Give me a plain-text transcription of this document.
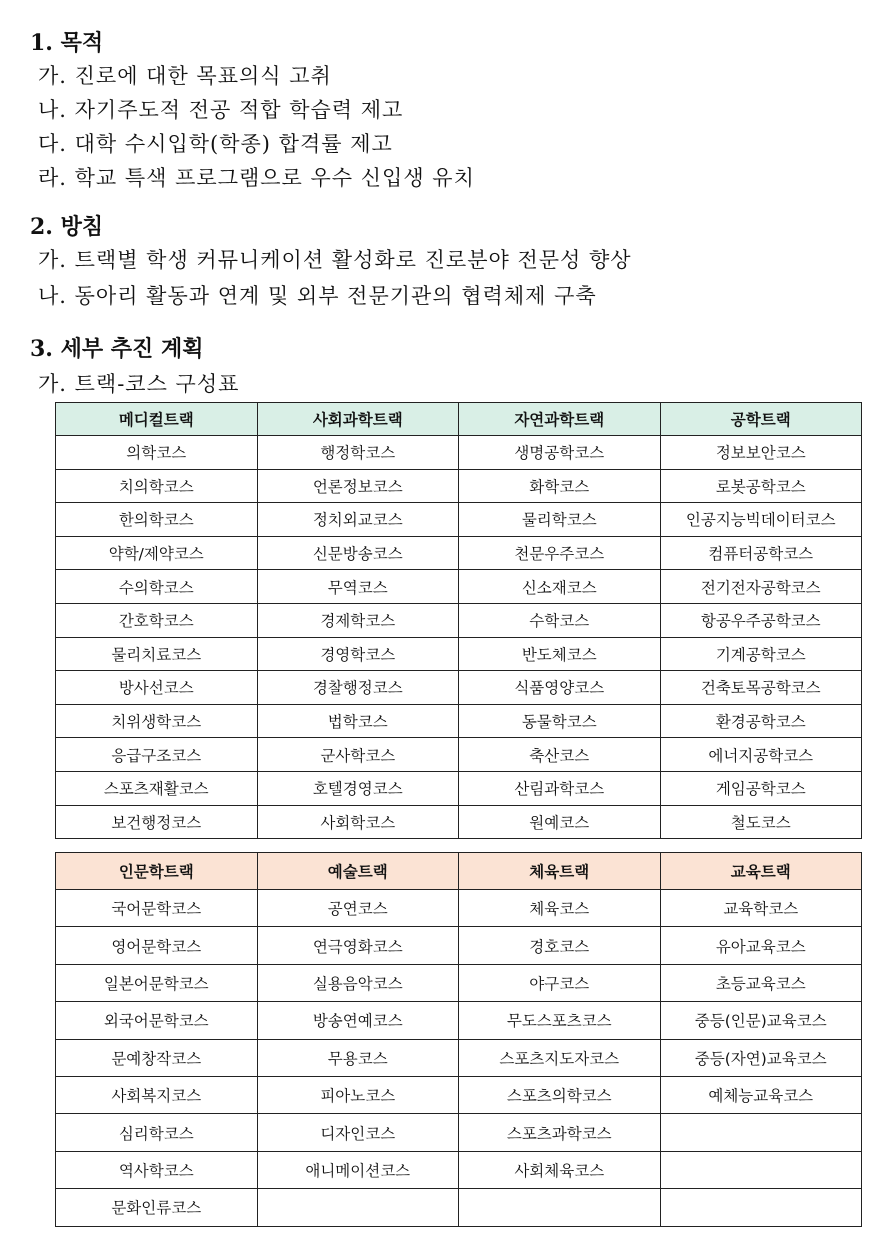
1. 목적

가. 진로에 대한 목표의식 고취

나. 자기주도적 전공 적합 학습력 제고

다. 대학 수시입학(학종) 합격률 제고

라. 학교 특색 프로그램으로 우수 신입생 유치

2. 방침

가. 트랙별 학생 커뮤니케이션 활성화로 진로분야 전문성 향상

나. 동아리 활동과 연계 및 외부 전문기관의 협력체제 구축

3. 세부 추진 계획

가. 트랙-코스 구성표

메디컬트랙	사회과학트랙	자연과학트랙	공학트랙
의학코스	행정학코스	생명공학코스	정보보안코스
치의학코스	언론정보코스	화학코스	로봇공학코스
한의학코스	정치외교코스	물리학코스	인공지능빅데이터코스
약학/제약코스	신문방송코스	천문우주코스	컴퓨터공학코스
수의학코스	무역코스	신소재코스	전기전자공학코스
간호학코스	경제학코스	수학코스	항공우주공학코스
물리치료코스	경영학코스	반도체코스	기계공학코스
방사선코스	경찰행정코스	식품영양코스	건축토목공학코스
치위생학코스	법학코스	동물학코스	환경공학코스
응급구조코스	군사학코스	축산코스	에너지공학코스
스포츠재활코스	호텔경영코스	산림과학코스	게임공학코스
보건행정코스	사회학코스	원예코스	철도코스
인문학트랙	예술트랙	체육트랙	교육트랙
국어문학코스	공연코스	체육코스	교육학코스
영어문학코스	연극영화코스	경호코스	유아교육코스
일본어문학코스	실용음악코스	야구코스	초등교육코스
외국어문학코스	방송연예코스	무도스포츠코스	중등(인문)교육코스
문예창작코스	무용코스	스포츠지도자코스	중등(자연)교육코스
사회복지코스	피아노코스	스포츠의학코스	예체능교육코스
심리학코스	디자인코스	스포츠과학코스	
역사학코스	애니메이션코스	사회체육코스	
문화인류코스			
